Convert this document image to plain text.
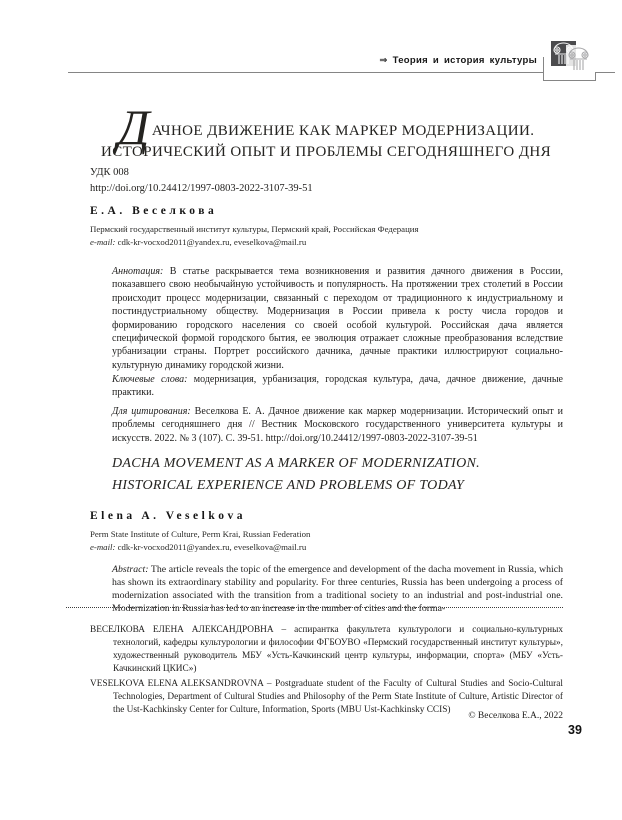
⇒ Теория и история культуры
ДАЧНОЕ ДВИЖЕНИЕ КАК МАРКЕР МОДЕРНИЗАЦИИ.
ИСТОРИЧЕСКИЙ ОПЫТ И ПРОБЛЕМЫ СЕГОДНЯШНЕГО ДНЯ
УДК 008
http://doi.org/10.24412/1997-0803-2022-3107-39-51
Е.А. Веселкова
Пермский государственный институт культуры, Пермский край, Российская Федерация
e-mail: cdk-kr-vocxod2011@yandex.ru, eveselkova@mail.ru

Аннотация: В статье раскрывается тема возникновения и развития дачного движения в России, показавшего свою необычайную устойчивость и популярность. На протяжении трех столетий в России происходит процесс модернизации, связанный с переходом от традиционного к индустриальному и постиндустриальному обществу. Модернизация в России привела к росту числа городов и формированию городского населения со своей особой культурой. Российская дача является специфической формой городского бытия, ее эволюция отражает сложные преобразования вследствие урбанизации страны. Портрет российского дачника, дачные практики иллюстрируют социально-культурную динамику городской жизни.

Ключевые слова: модернизация, урбанизация, городская культура, дача, дачное движение, дачные практики.

Для цитирования: Веселкова Е. А. Дачное движение как маркер модернизации. Исторический опыт и проблемы сегодняшнего дня // Вестник Московского государственного университета культуры и искусств. 2022. № 3 (107). С. 39-51. http://doi.org/10.24412/1997-0803-2022-3107-39-51

DACHA MOVEMENT AS A MARKER OF MODERNIZATION.
HISTORICAL EXPERIENCE AND PROBLEMS OF TODAY
Elena A. Veselkova
Perm State Institute of Culture, Perm Krai, Russian Federation
e-mail: cdk-kr-vocxod2011@yandex.ru, eveselkova@mail.ru

Abstract: The article reveals the topic of the emergence and development of the dacha movement in Russia, which has shown its extraordinary stability and popularity. For three centuries, Russia has been undergoing a process of modernization associated with the transition from a traditional society to an industrial and post-industrial one. Modernization in Russia has led to an increase in the number of cities and the forma-

ВЕСЕЛКОВА ЕЛЕНА АЛЕКСАНДРОВНА – аспирантка факультета культурологи и социально-культурных технологий, кафедры культурологии и философии ФГБОУВО «Пермский государственный институт культуры», художественный руководитель МБУ «Усть-Качкинский центр культуры, информации, спорта» (МБУ «Усть-Качкинский ЦКИС»)

VESELKOVA ELENA ALEKSANDROVNA – Postgraduate student of the Faculty of Cultural Studies and Socio-Cultural Technologies, Department of Cultural Studies and Philosophy of the Perm State Institute of Culture, Artistic Director of the Ust-Kachkinsky Center for Culture, Information, Sports (MBU Ust-Kachkinsky CCIS)

© Веселкова Е.А., 2022
39
